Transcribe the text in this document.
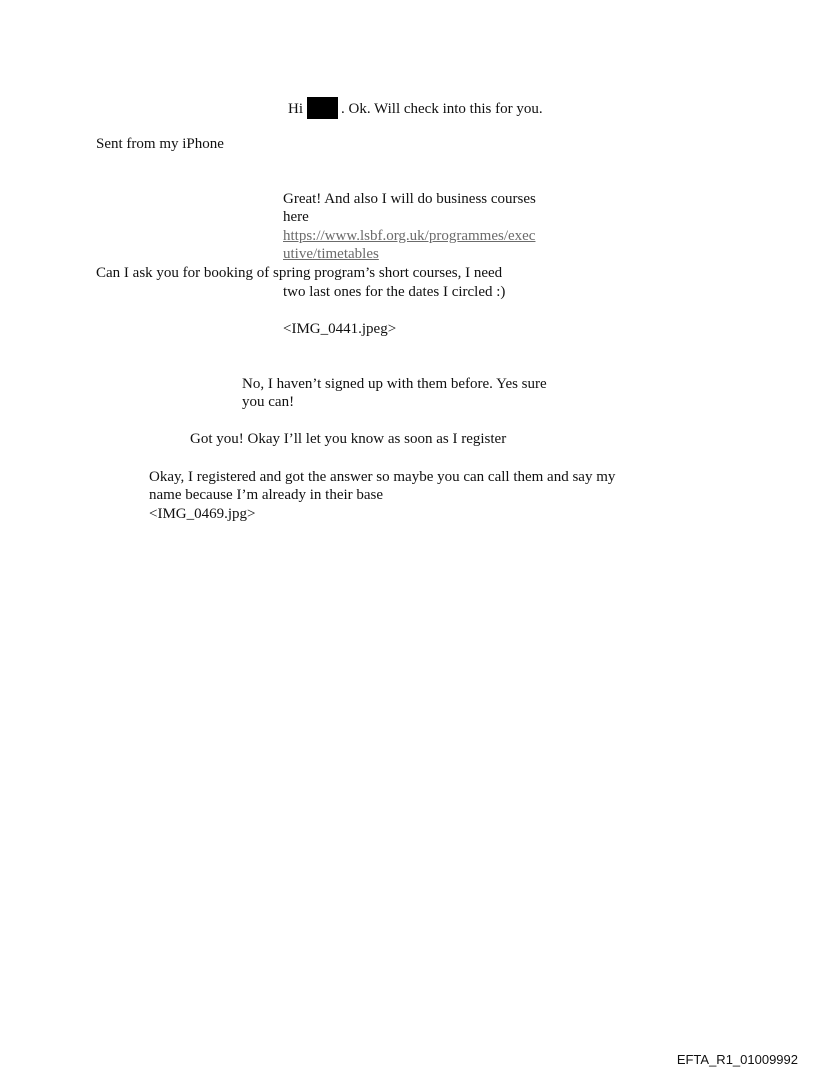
Hi	. Ok. Will check into this for you.
Sent from my iPhone
Great! And also I will do business courses
here
https://www.lsbf.org.uk/programmes/exec
utive/timetables
Can I ask you for booking of spring program’s short courses, I need
two last ones for the dates I circled :)
<IMG_0441.jpeg>
No, I haven’t signed up with them before. Yes sure
you can!
Got you! Okay I’ll let you know as soon as I register
Okay, I registered and got the answer so maybe you can call them and say my
name because I’m already in their base
<IMG_0469.jpg>
EFTA_R1_01009992
